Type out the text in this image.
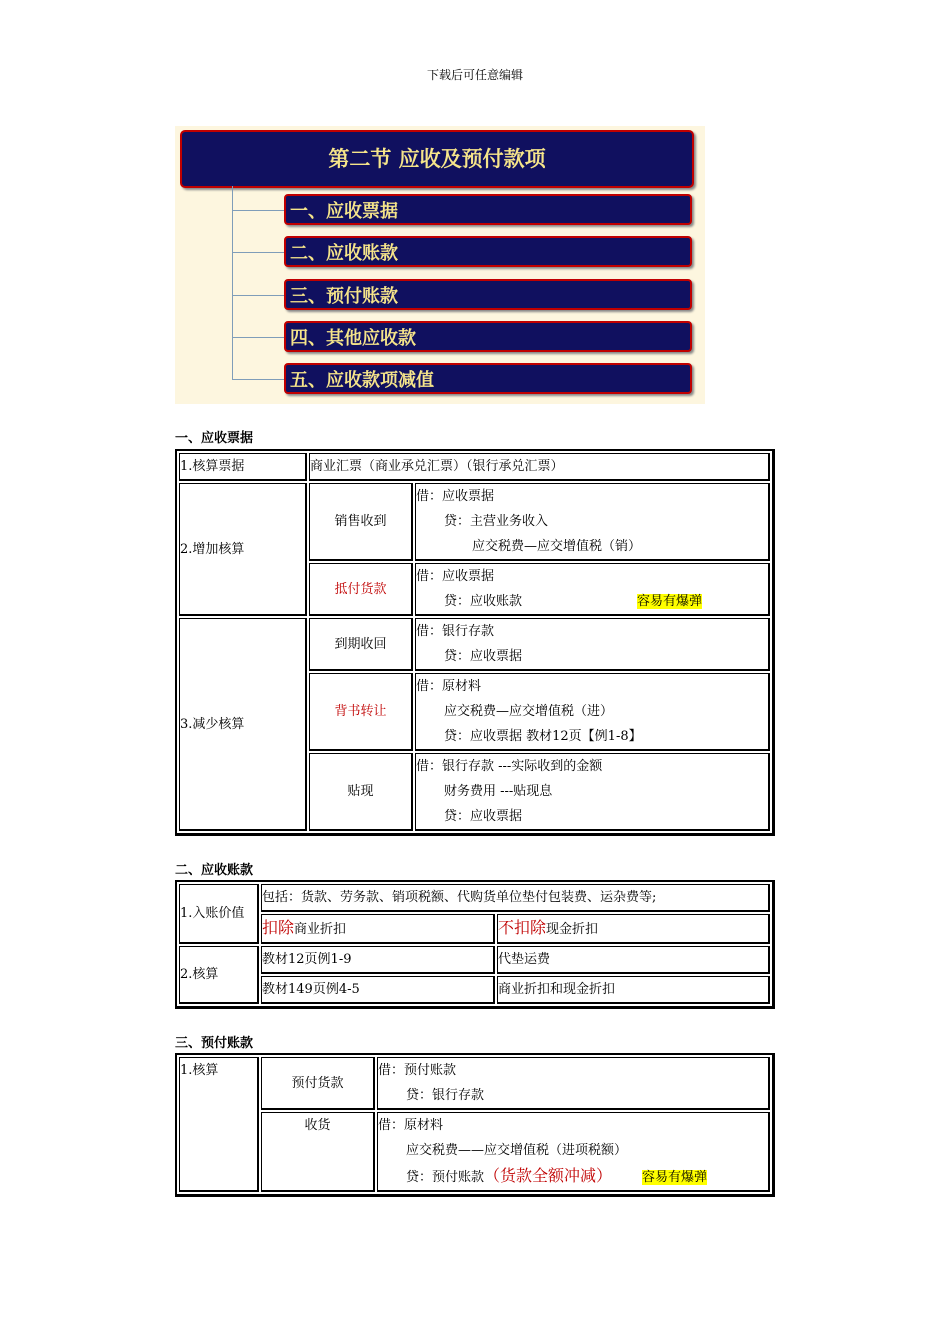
下载后可任意编辑
第二节 应收及预付款项
一、应收票据
二、应收账款
三、预付账款
四、其他应收款
五、应收款项减值
一、应收票据
1.核算票据	商业汇票（商业承兑汇票）（银行承兑汇票）	
2.增加核算	销售收到	借：应收票据
贷：主营业务收入
应交税费—应交增值税（销）

	抵付货款	借：应收票据
贷：应收账款 容易有爆弹

3.减少核算	到期收回	借：银行存款
贷：应收票据

	背书转让	借：原材料
应交税费—应交增值税（进）
贷：应收票据 教材12页【例1-8】

	贴现	借：银行存款 ---实际收到的金额
财务费用 ---贴现息
贷：应收票据
二、应收账款
1.入账价值	包括：货款、劳务款、销项税额、代购货单位垫付包装费、运杂费等;	
	扣除商业折扣	不扣除现金折扣
2.核算	教材12页例1-9	代垫运费
	教材149页例4-5	商业折扣和现金折扣
三、预付账款
1.核算	预付货款	借：预付账款
贷：银行存款

	收货	借：原材料
应交税费——应交增值税（进项税额）
贷：预付账款（货款全额冲减） 容易有爆弹
